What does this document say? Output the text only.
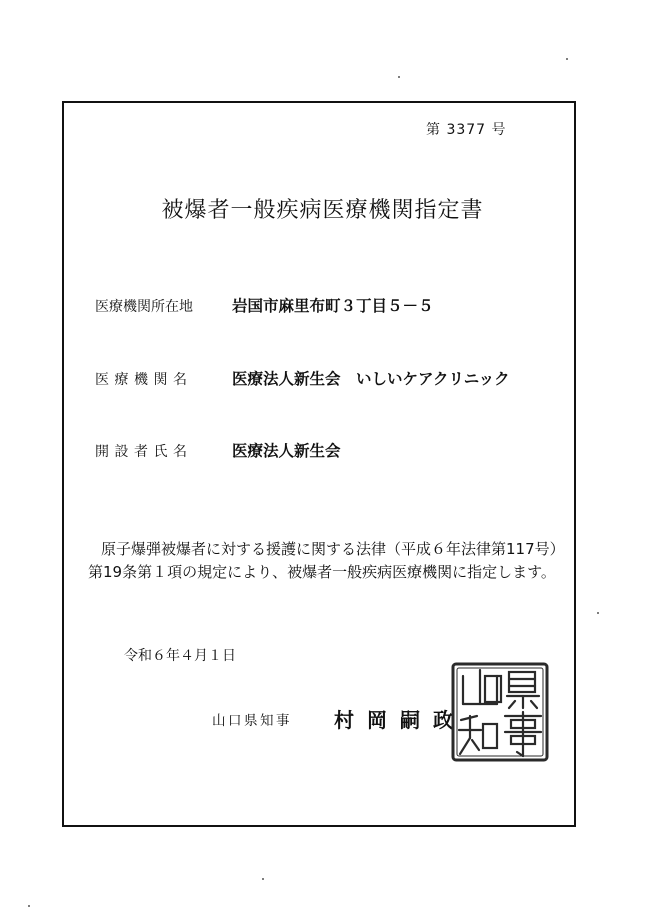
第 3377 号
被爆者一般疾病医療機関指定書
医療機関所在地	岩国市麻里布町３丁目５－５
医療機関名	医療法人新生会　いしいケアクリニック
開設者氏名	医療法人新生会
原子爆弾被爆者に対する援護に関する法律（平成６年法律第117号）第19条第１項の規定により、被爆者一般疾病医療機関に指定します。
令和６年４月１日
山口県知事 村岡嗣政
